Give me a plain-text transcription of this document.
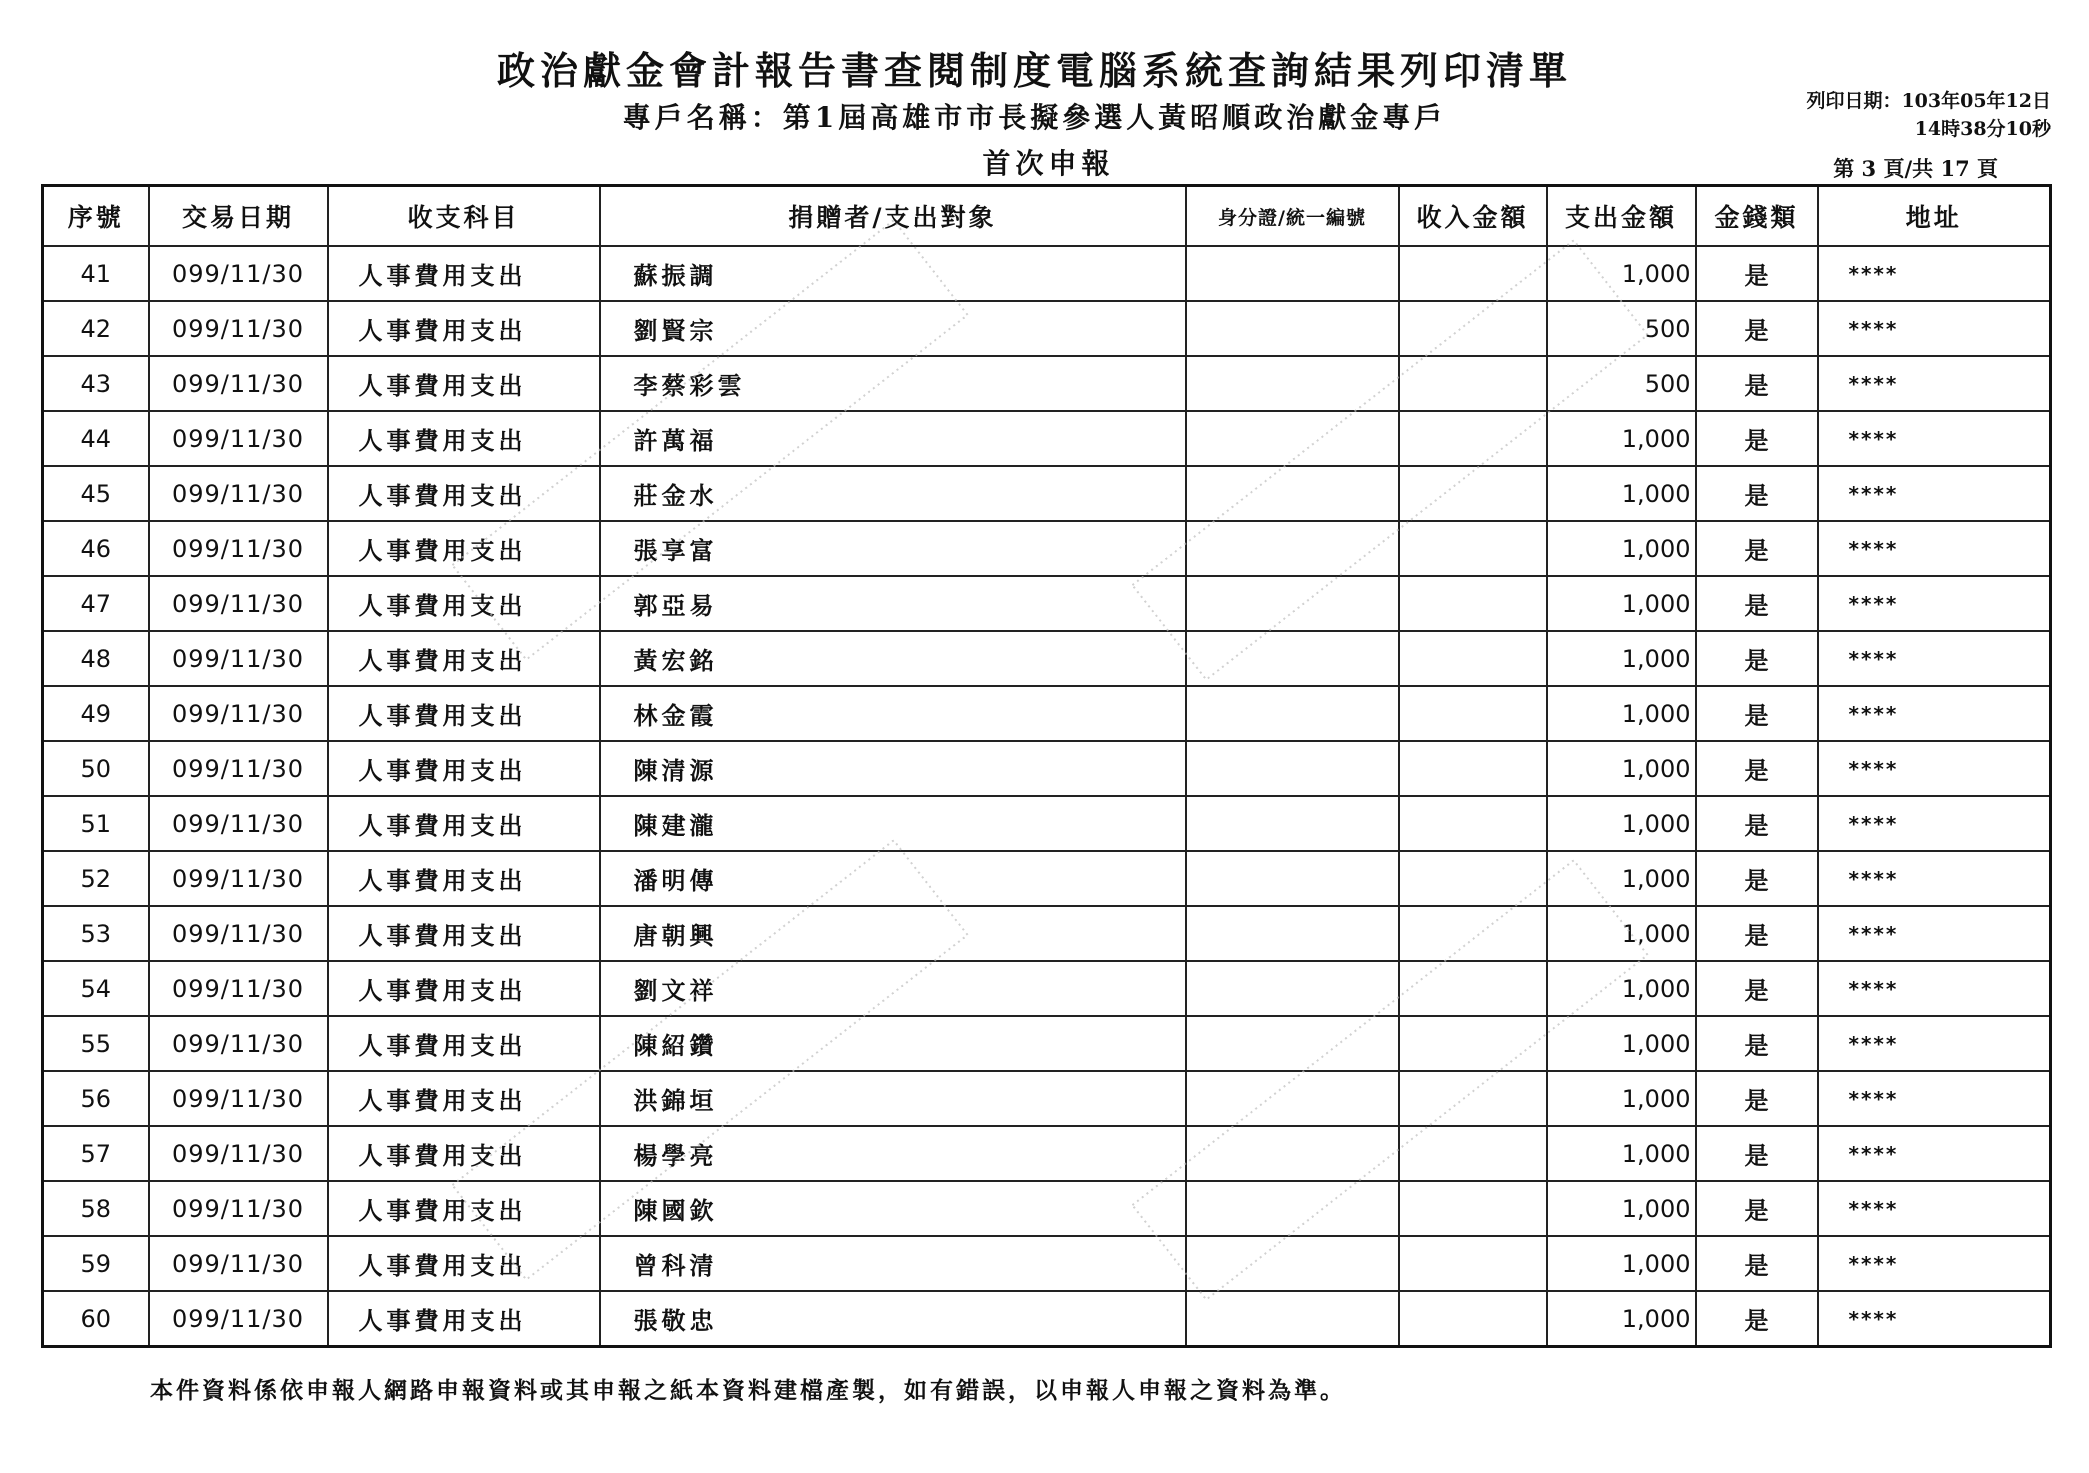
政治獻金會計報告書查閱制度電腦系統查詢結果列印清單
專戶名稱：第1屆高雄市市長擬參選人黃昭順政治獻金專戶
首次申報
列印日期：103年05年12日
14時38分10秒
第 3 頁/共 17 頁
序號	交易日期	收支科目	捐贈者/支出對象	身分證/統一編號	收入金額	支出金額	金錢類	地址
41	099/11/30	人事費用支出	蘇振調			1,000	是	****
42	099/11/30	人事費用支出	劉賢宗			500	是	****
43	099/11/30	人事費用支出	李蔡彩雲			500	是	****
44	099/11/30	人事費用支出	許萬福			1,000	是	****
45	099/11/30	人事費用支出	莊金水			1,000	是	****
46	099/11/30	人事費用支出	張享富			1,000	是	****
47	099/11/30	人事費用支出	郭亞易			1,000	是	****
48	099/11/30	人事費用支出	黃宏銘			1,000	是	****
49	099/11/30	人事費用支出	林金霞			1,000	是	****
50	099/11/30	人事費用支出	陳清源			1,000	是	****
51	099/11/30	人事費用支出	陳建瀧			1,000	是	****
52	099/11/30	人事費用支出	潘明傳			1,000	是	****
53	099/11/30	人事費用支出	唐朝興			1,000	是	****
54	099/11/30	人事費用支出	劉文祥			1,000	是	****
55	099/11/30	人事費用支出	陳紹鑽			1,000	是	****
56	099/11/30	人事費用支出	洪錦垣			1,000	是	****
57	099/11/30	人事費用支出	楊學亮			1,000	是	****
58	099/11/30	人事費用支出	陳國欽			1,000	是	****
59	099/11/30	人事費用支出	曾科清			1,000	是	****
60	099/11/30	人事費用支出	張敬忠			1,000	是	****
本件資料係依申報人網路申報資料或其申報之紙本資料建檔產製，如有錯誤，以申報人申報之資料為準。
